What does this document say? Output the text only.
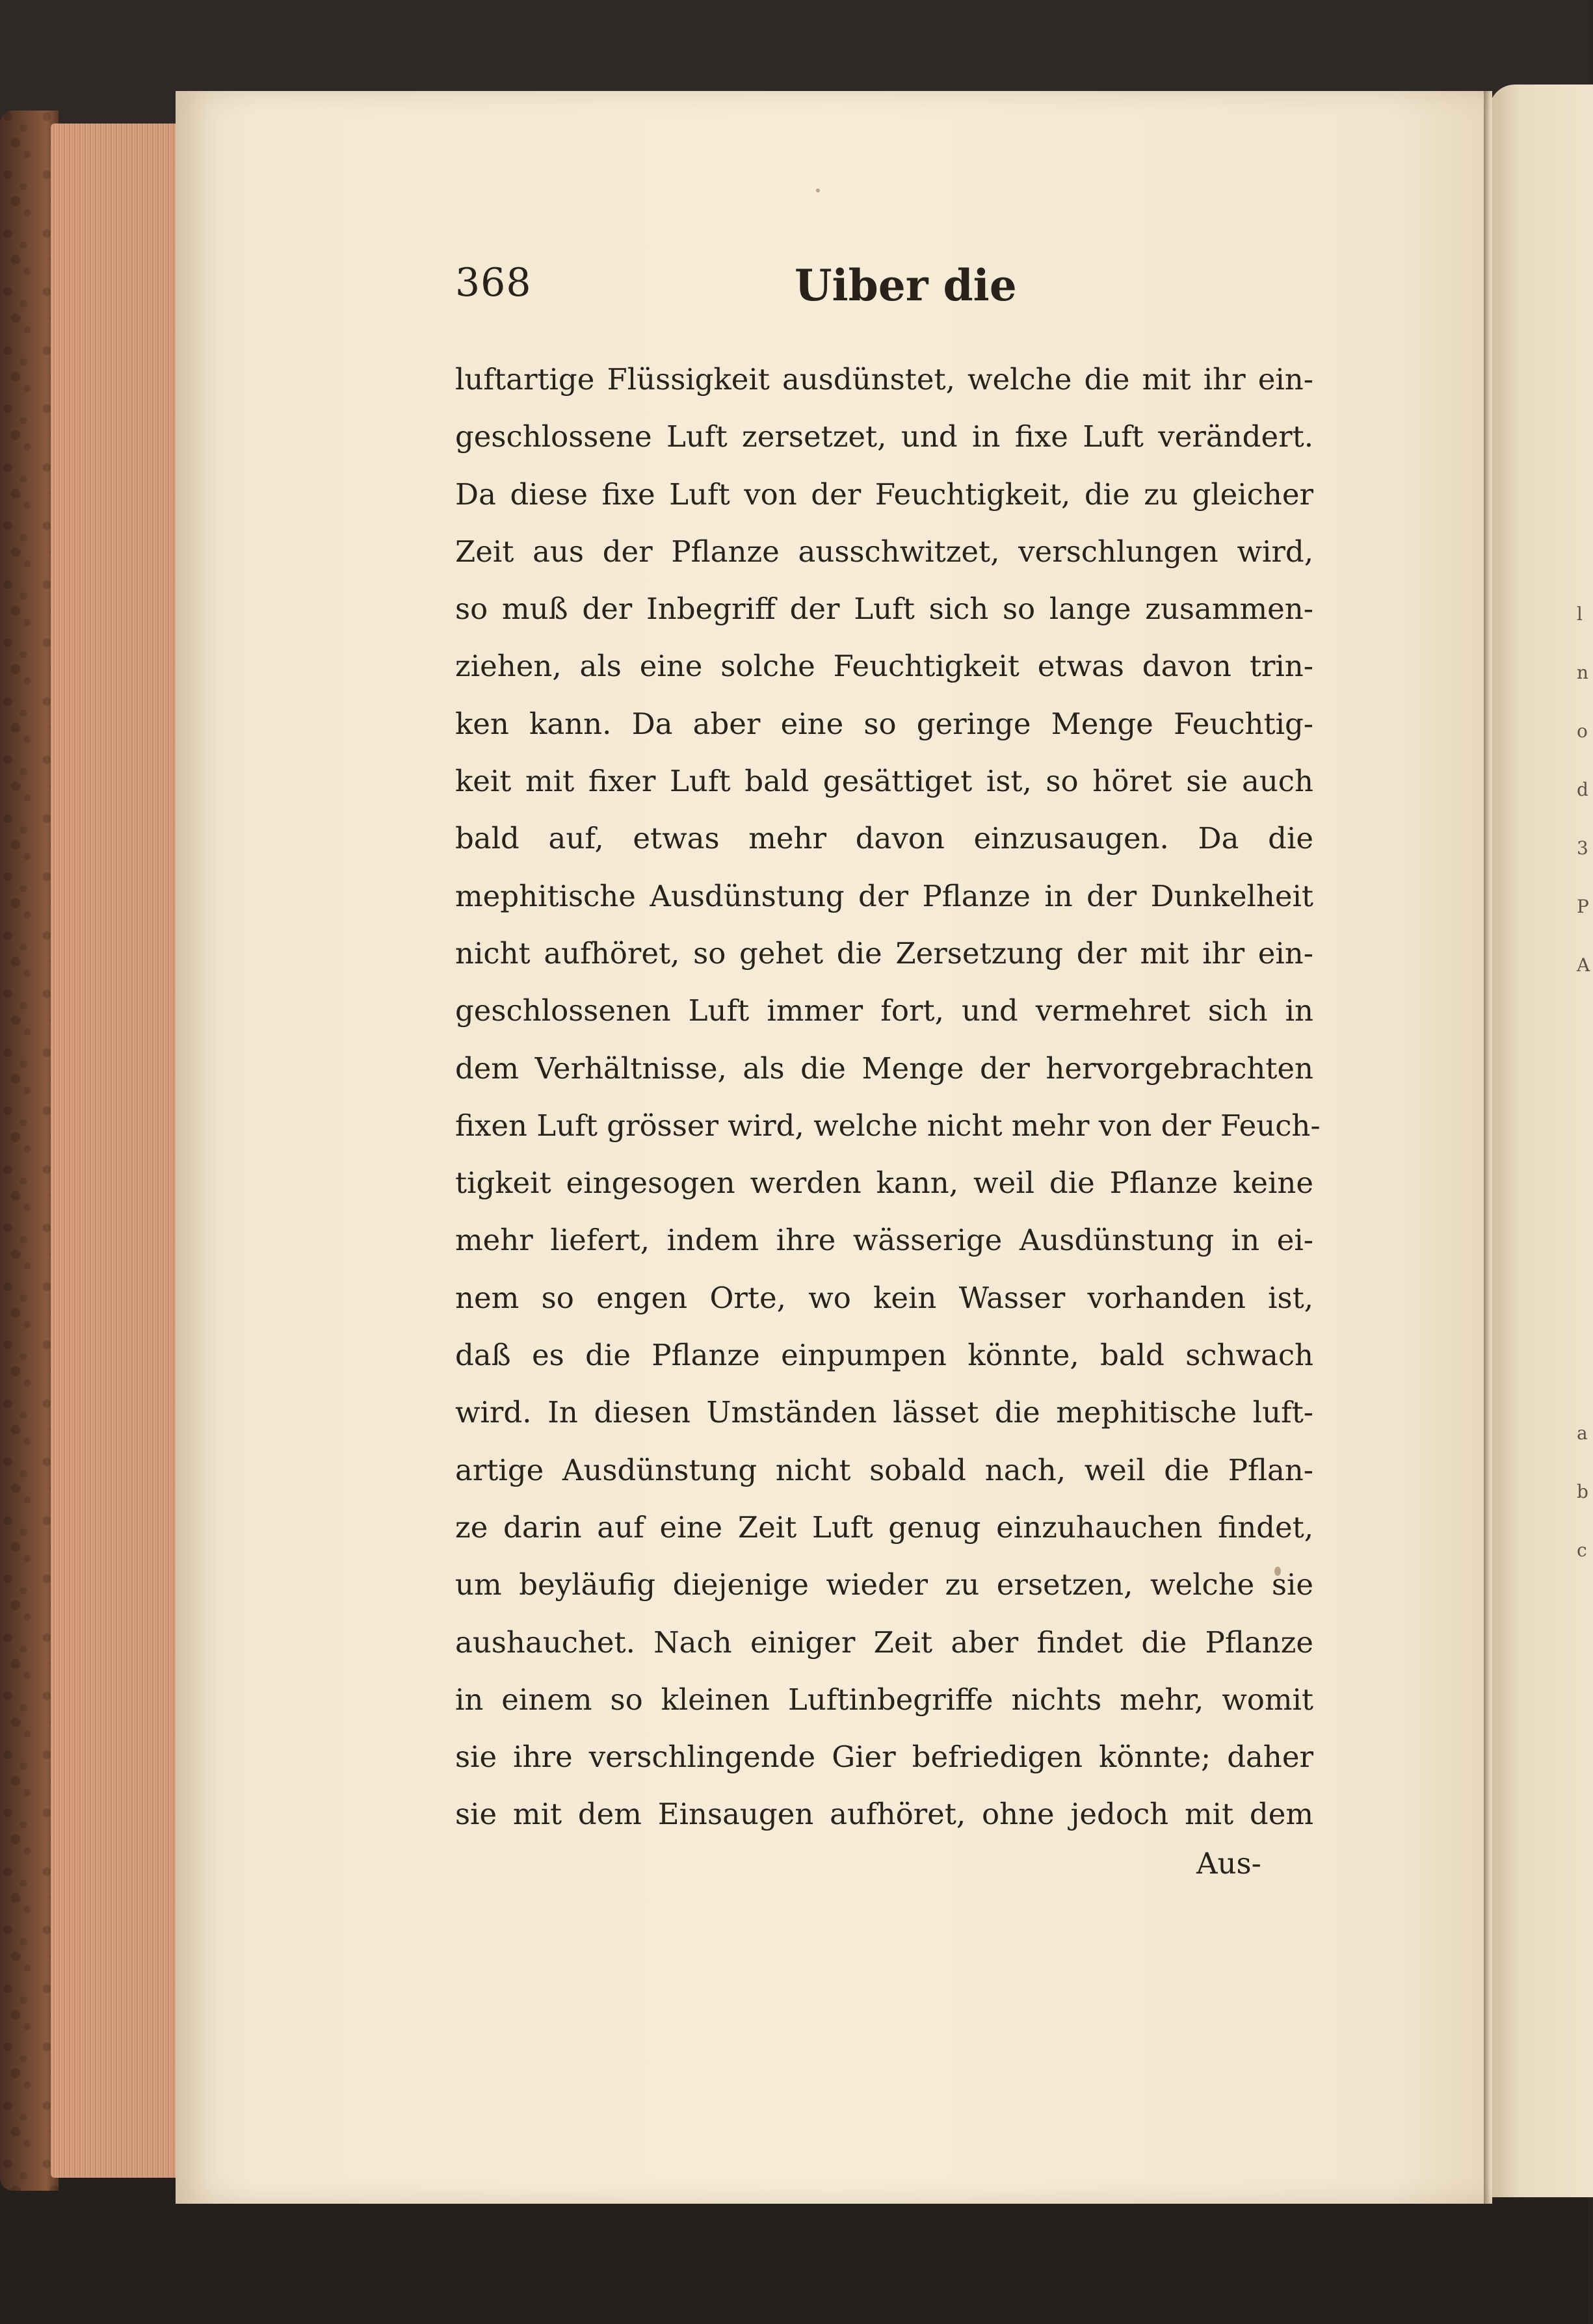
l
n
o
d
3
P
A
a
b
c
368	Uiber die
luftartige Flüssigkeit ausdünstet, welche die mit ihr ein-
geschlossene Luft zersetzet, und in fixe Luft verändert.
Da diese fixe Luft von der Feuchtigkeit, die zu gleicher
Zeit aus der Pflanze ausschwitzet, verschlungen wird,
so muß der Inbegriff der Luft sich so lange zusammen-
ziehen, als eine solche Feuchtigkeit etwas davon trin-
ken kann. Da aber eine so geringe Menge Feuchtig-
keit mit fixer Luft bald gesättiget ist, so höret sie auch
bald auf, etwas mehr davon einzusaugen. Da die
mephitische Ausdünstung der Pflanze in der Dunkelheit
nicht aufhöret, so gehet die Zersetzung der mit ihr ein-
geschlossenen Luft immer fort, und vermehret sich in
dem Verhältnisse, als die Menge der hervorgebrachten
fixen Luft grösser wird, welche nicht mehr von der Feuch-
tigkeit eingesogen werden kann, weil die Pflanze keine
mehr liefert, indem ihre wässerige Ausdünstung in ei-
nem so engen Orte, wo kein Wasser vorhanden ist,
daß es die Pflanze einpumpen könnte, bald schwach
wird. In diesen Umständen lässet die mephitische luft-
artige Ausdünstung nicht sobald nach, weil die Pflan-
ze darin auf eine Zeit Luft genug einzuhauchen findet,
um beyläufig diejenige wieder zu ersetzen, welche sie
aushauchet. Nach einiger Zeit aber findet die Pflanze
in einem so kleinen Luftinbegriffe nichts mehr, womit
sie ihre verschlingende Gier befriedigen könnte; daher
sie mit dem Einsaugen aufhöret, ohne jedoch mit dem
Aus-
